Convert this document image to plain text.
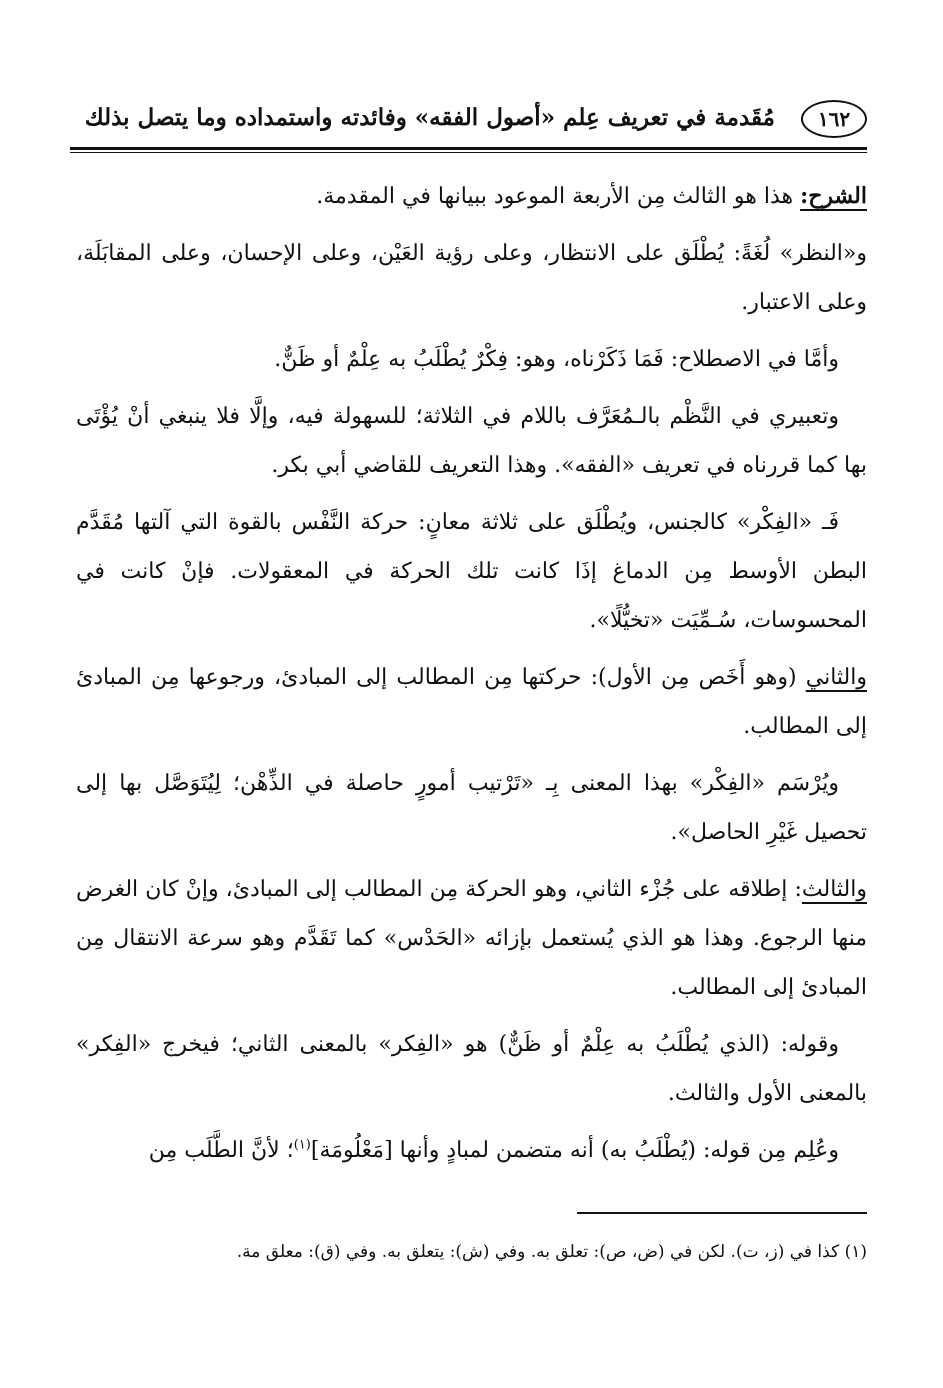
١٦٢
مُقَدمة في تعريف عِلم «أصول الفقه» وفائدته واستمداده وما يتصل بذلك

الشرح: هذا هو الثالث مِن الأربعة الموعود ببيانها في المقدمة.

و«النظر» لُغَةً: يُطْلَق على الانتظار، وعلى رؤية العَيْن، وعلى الإحسان، وعلى المقابَلَة، وعلى الاعتبار.

وأمَّا في الاصطلاح: فَمَا ذَكَرْناه، وهو: فِكْرٌ يُطْلَبُ به عِلْمٌ أو ظَنٌّ.

وتعبيري في النَّظْم بالـمُعَرَّف باللام في الثلاثة؛ للسهولة فيه، وإلَّا فلا ينبغي أنْ يُؤْتَى بها كما قررناه في تعريف «الفقه». وهذا التعريف للقاضي أبي بكر.

فَـ «الفِكْر» كالجنس، ويُطْلَق على ثلاثة معانٍ: حركة النَّفْس بالقوة التي آلتها مُقَدَّم البطن الأوسط مِن الدماغ إذَا كانت تلك الحركة في المعقولات. فإنْ كانت في المحسوسات، سُـمِّيَت «تخيُّلًا».

والثاني (وهو أَخَص مِن الأول): حركتها مِن المطالب إلى المبادئ، ورجوعها مِن المبادئ إلى المطالب.

ويُرْسَم «الفِكْر» بهذا المعنى بِـ «تَرْتيب أمورٍ حاصلة في الذِّهْن؛ لِيُتَوَصَّل بها إلى تحصيل غَيْرِ الحاصل».

والثالث: إطلاقه على جُزْء الثاني، وهو الحركة مِن المطالب إلى المبادئ، وإنْ كان الغرض منها الرجوع. وهذا هو الذي يُستعمل بإزائه «الحَدْس» كما تَقَدَّم وهو سرعة الانتقال مِن المبادئ إلى المطالب.

وقوله: (الذي يُطْلَبُ به عِلْمٌ أو ظَنٌّ) هو «الفِكر» بالمعنى الثاني؛ فيخرج «الفِكر» بالمعنى الأول والثالث.

وعُلِم مِن قوله: (يُطْلَبُ به) أنه متضمن لمبادٍ وأنها [مَعْلُومَة]$^{(١)}$؛ لأنَّ الطَّلَب مِن

(١) كذا في (ز، ت). لكن في (ض، ص): تعلق به. وفي (ش): يتعلق به. وفي (ق): معلق مة.
